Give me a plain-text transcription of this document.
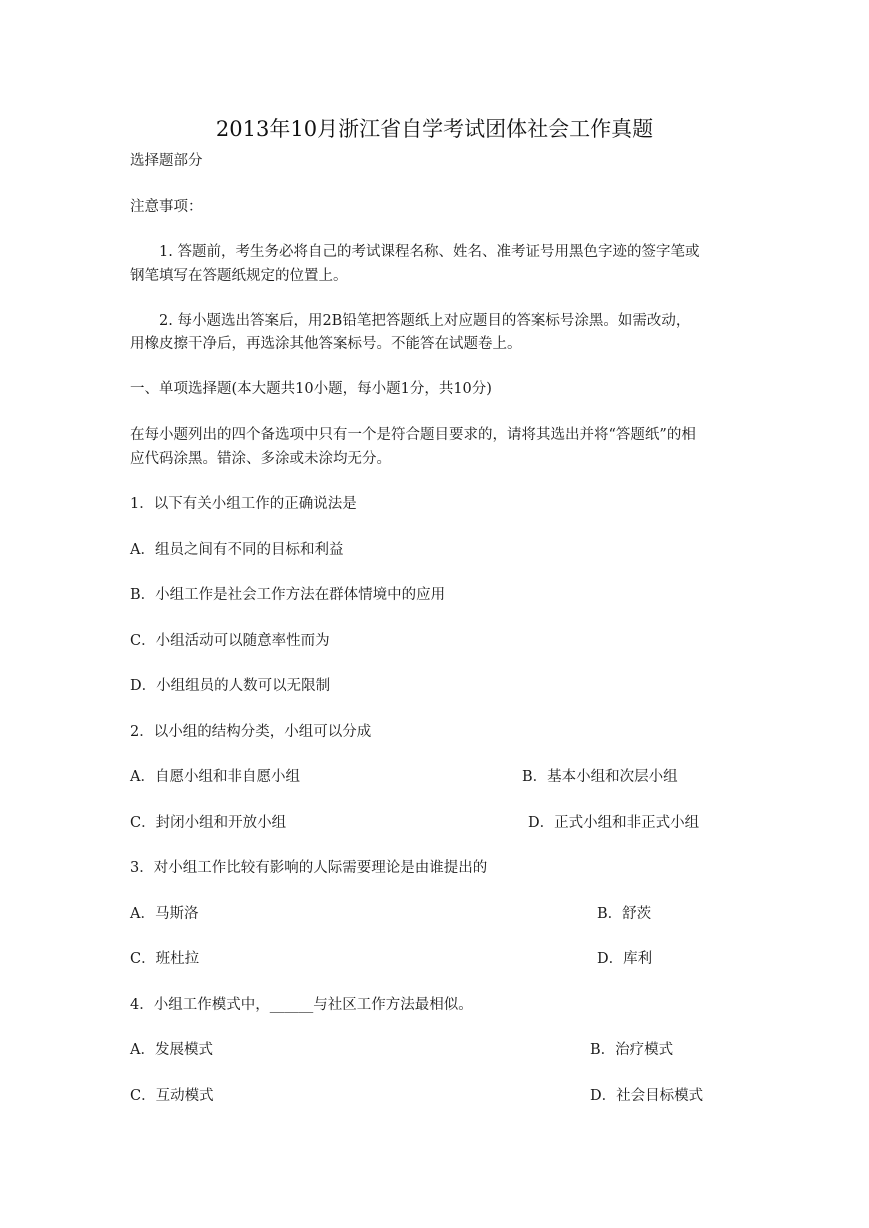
2013年10月浙江省自学考试团体社会工作真题
选择题部分
注意事项：
1. 答题前，考生务必将自己的考试课程名称、姓名、准考证号用黑色字迹的签字笔或
钢笔填写在答题纸规定的位置上。
2. 每小题选出答案后，用2B铅笔把答题纸上对应题目的答案标号涂黑。如需改动，
用橡皮擦干净后，再选涂其他答案标号。不能答在试题卷上。
一、单项选择题(本大题共10小题，每小题1分，共10分)
在每小题列出的四个备选项中只有一个是符合题目要求的，请将其选出并将“答题纸”的相
应代码涂黑。错涂、多涂或未涂均无分。
1．以下有关小组工作的正确说法是
A．组员之间有不同的目标和利益
B．小组工作是社会工作方法在群体情境中的应用
C．小组活动可以随意率性而为
D．小组组员的人数可以无限制
2．以小组的结构分类，小组可以分成
A．自愿小组和非自愿小组	B．基本小组和次层小组
C．封闭小组和开放小组	D．正式小组和非正式小组
3．对小组工作比较有影响的人际需要理论是由谁提出的
A．马斯洛	B．舒茨
C．班杜拉	D．库利
4．小组工作模式中，______与社区工作方法最相似。
A．发展模式	B．治疗模式
C．互动模式	D．社会目标模式
